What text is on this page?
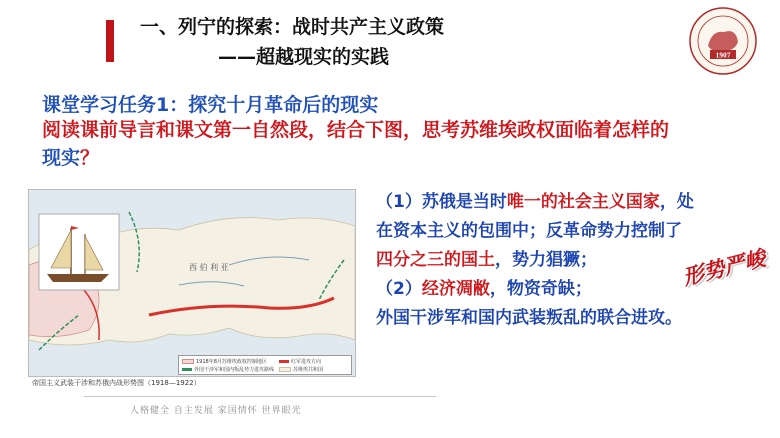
一、列宁的探索：战时共产主义政策
——超越现实的实践	1907
课堂学习任务1：探究十月革命后的现实
阅读课前导言和课文第一自然段，结合下图，思考苏维埃政权面临着怎样的现实？
西 伯 利 亚
1918年8月苏维埃政权控制地区	红军进攻方向
外国干涉军和国内叛乱势力进攻路线	苏维埃共和国
帝国主义武装干涉和苏俄内战形势图（1918—1922）
（1）苏俄是当时唯一的社会主义国家，处在资本主义的包围中；反革命势力控制了四分之三的国土，势力猖獗；
（2）经济凋敝，物资奇缺；
外国干涉军和国内武装叛乱的联合进攻。
形势严峻
人格健全 自主发展 家国情怀 世界眼光
